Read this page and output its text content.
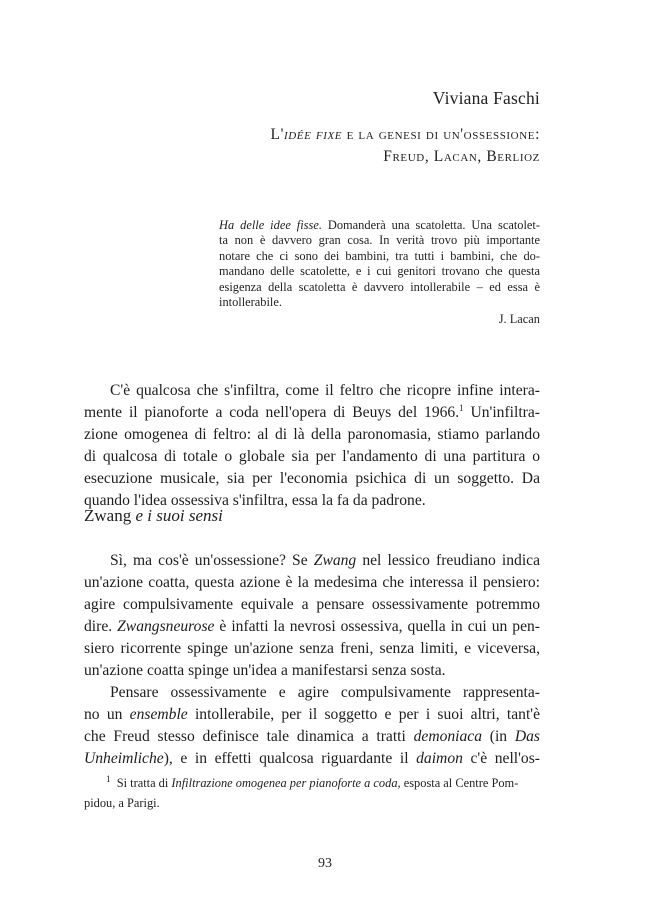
Viviana Faschi
L'idée fixe e la genesi di un'ossessione:
Freud, Lacan, Berlioz
Ha delle idee fisse. Domanderà una scatoletta. Una scatolet-
ta non è davvero gran cosa. In verità trovo più importante
notare che ci sono dei bambini, tra tutti i bambini, che do-
mandano delle scatolette, e i cui genitori trovano che questa
esigenza della scatoletta è davvero intollerabile – ed essa è
intollerabile.
J. Lacan
C'è qualcosa che s'infiltra, come il feltro che ricopre infine intera-
mente il pianoforte a coda nell'opera di Beuys del 1966.$^1$ Un'infiltra-
zione omogenea di feltro: al di là della paronomasia, stiamo parlando
di qualcosa di totale o globale sia per l'andamento di una partitura o
esecuzione musicale, sia per l'economia psichica di un soggetto. Da
quando l'idea ossessiva s'infiltra, essa la fa da padrone.
Zwang e i suoi sensi
Sì, ma cos'è un'ossessione? Se Zwang nel lessico freudiano indica
un'azione coatta, questa azione è la medesima che interessa il pensiero:
agire compulsivamente equivale a pensare ossessivamente potremmo
dire. Zwangsneurose è infatti la nevrosi ossessiva, quella in cui un pen-
siero ricorrente spinge un'azione senza freni, senza limiti, e viceversa,
un'azione coatta spinge un'idea a manifestarsi senza sosta.
Pensare ossessivamente e agire compulsivamente rappresenta-
no un ensemble intollerabile, per il soggetto e per i suoi altri, tant'è
che Freud stesso definisce tale dinamica a tratti demoniaca (in Das
Unheimliche), e in effetti qualcosa riguardante il daimon c'è nell'os-
$^1$ Si tratta di Infiltrazione omogenea per pianoforte a coda, esposta al Centre Pom-
pidou, a Parigi.
93
